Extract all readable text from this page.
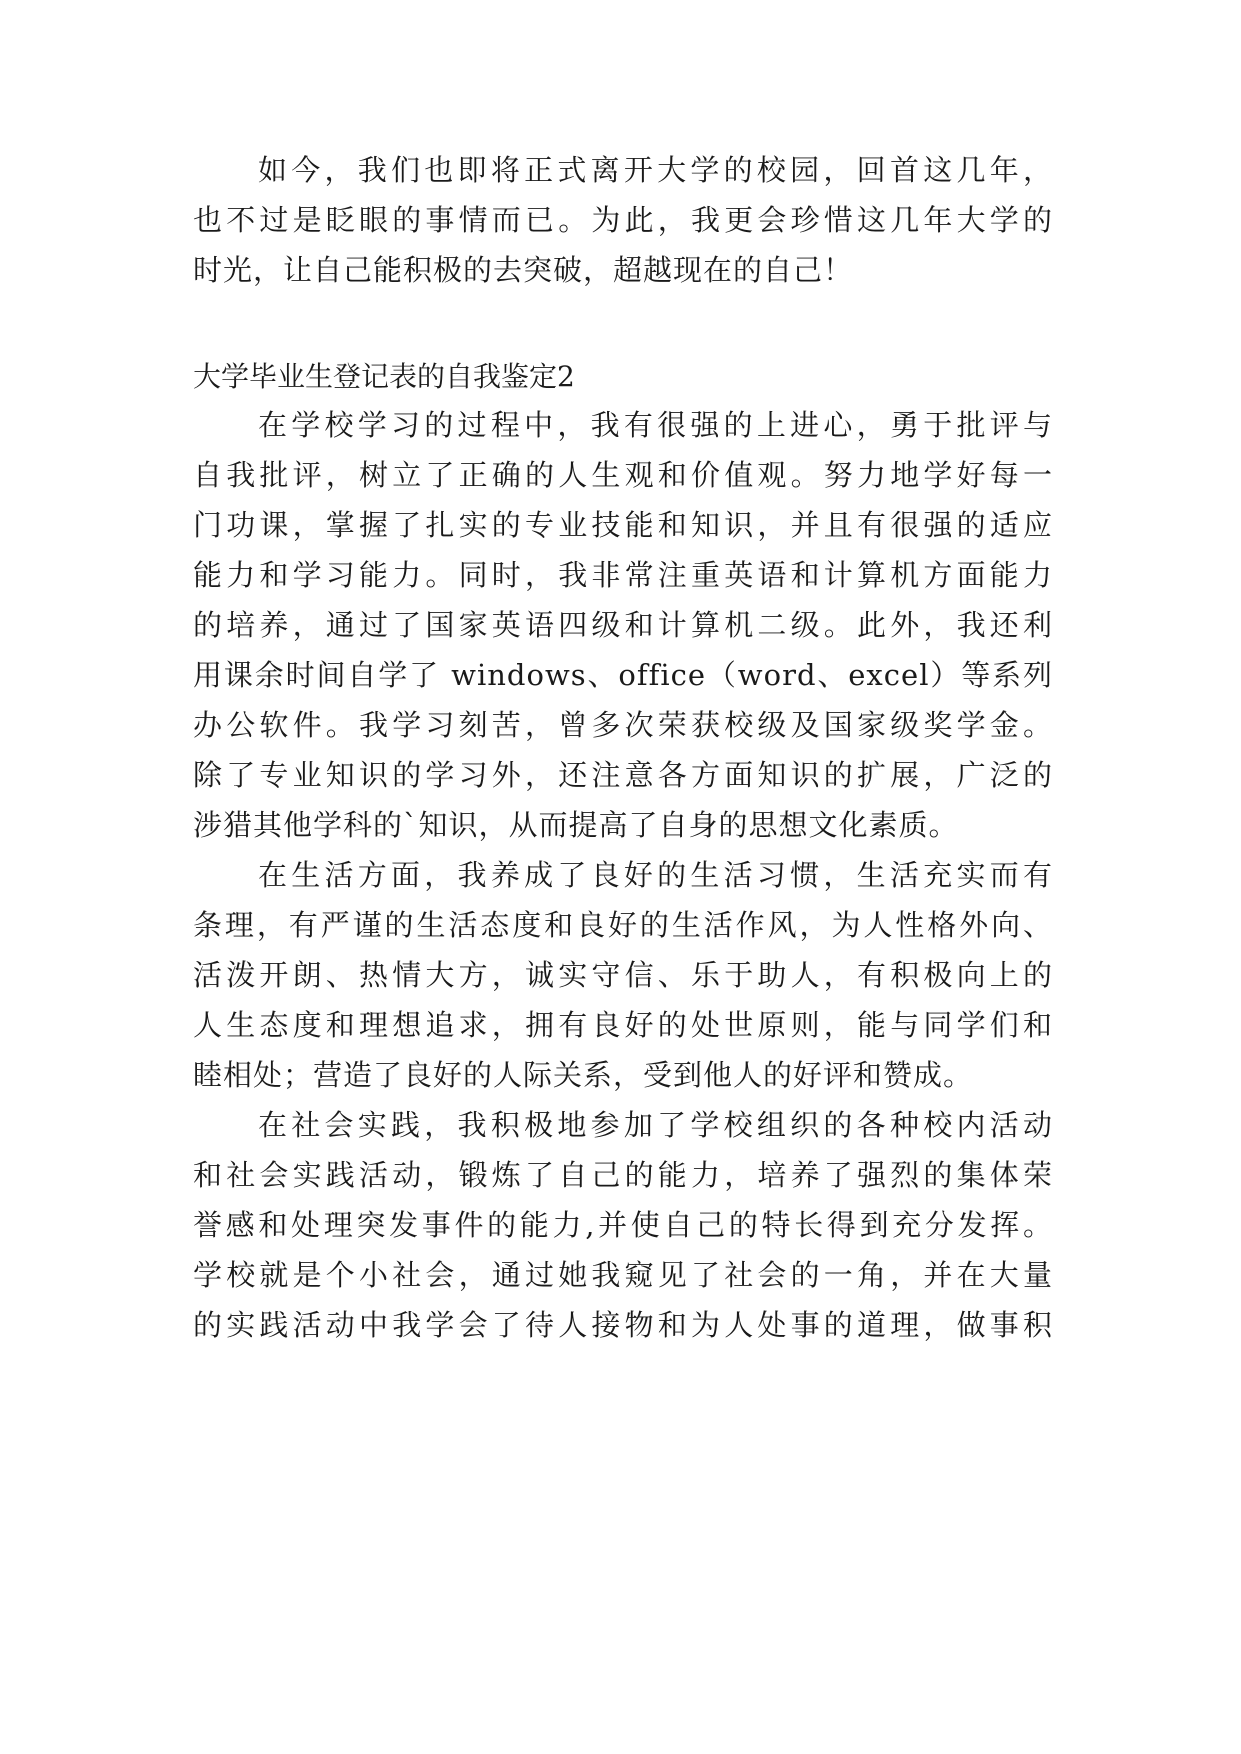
如今，我们也即将正式离开大学的校园，回首这几年，
也不过是眨眼的事情而已。为此，我更会珍惜这几年大学的
时光，让自己能积极的去突破，超越现在的自己！
大学毕业生登记表的自我鉴定2
在学校学习的过程中，我有很强的上进心，勇于批评与
自我批评，树立了正确的人生观和价值观。努力地学好每一
门功课，掌握了扎实的专业技能和知识，并且有很强的适应
能力和学习能力。同时，我非常注重英语和计算机方面能力
的培养，通过了国家英语四级和计算机二级。此外，我还利
用课余时间自学了 windows、office（word、excel）等系列
办公软件。我学习刻苦，曾多次荣获校级及国家级奖学金。
除了专业知识的学习外，还注意各方面知识的扩展，广泛的
涉猎其他学科的`知识，从而提高了自身的思想文化素质。
在生活方面，我养成了良好的生活习惯，生活充实而有
条理，有严谨的生活态度和良好的生活作风，为人性格外向、
活泼开朗、热情大方，诚实守信、乐于助人，有积极向上的
人生态度和理想追求，拥有良好的处世原则，能与同学们和
睦相处；营造了良好的人际关系，受到他人的好评和赞成。
在社会实践，我积极地参加了学校组织的各种校内活动
和社会实践活动，锻炼了自己的能力，培养了强烈的集体荣
誉感和处理突发事件的能力,并使自己的特长得到充分发挥。
学校就是个小社会，通过她我窥见了社会的一角，并在大量
的实践活动中我学会了待人接物和为人处事的道理，做事积
